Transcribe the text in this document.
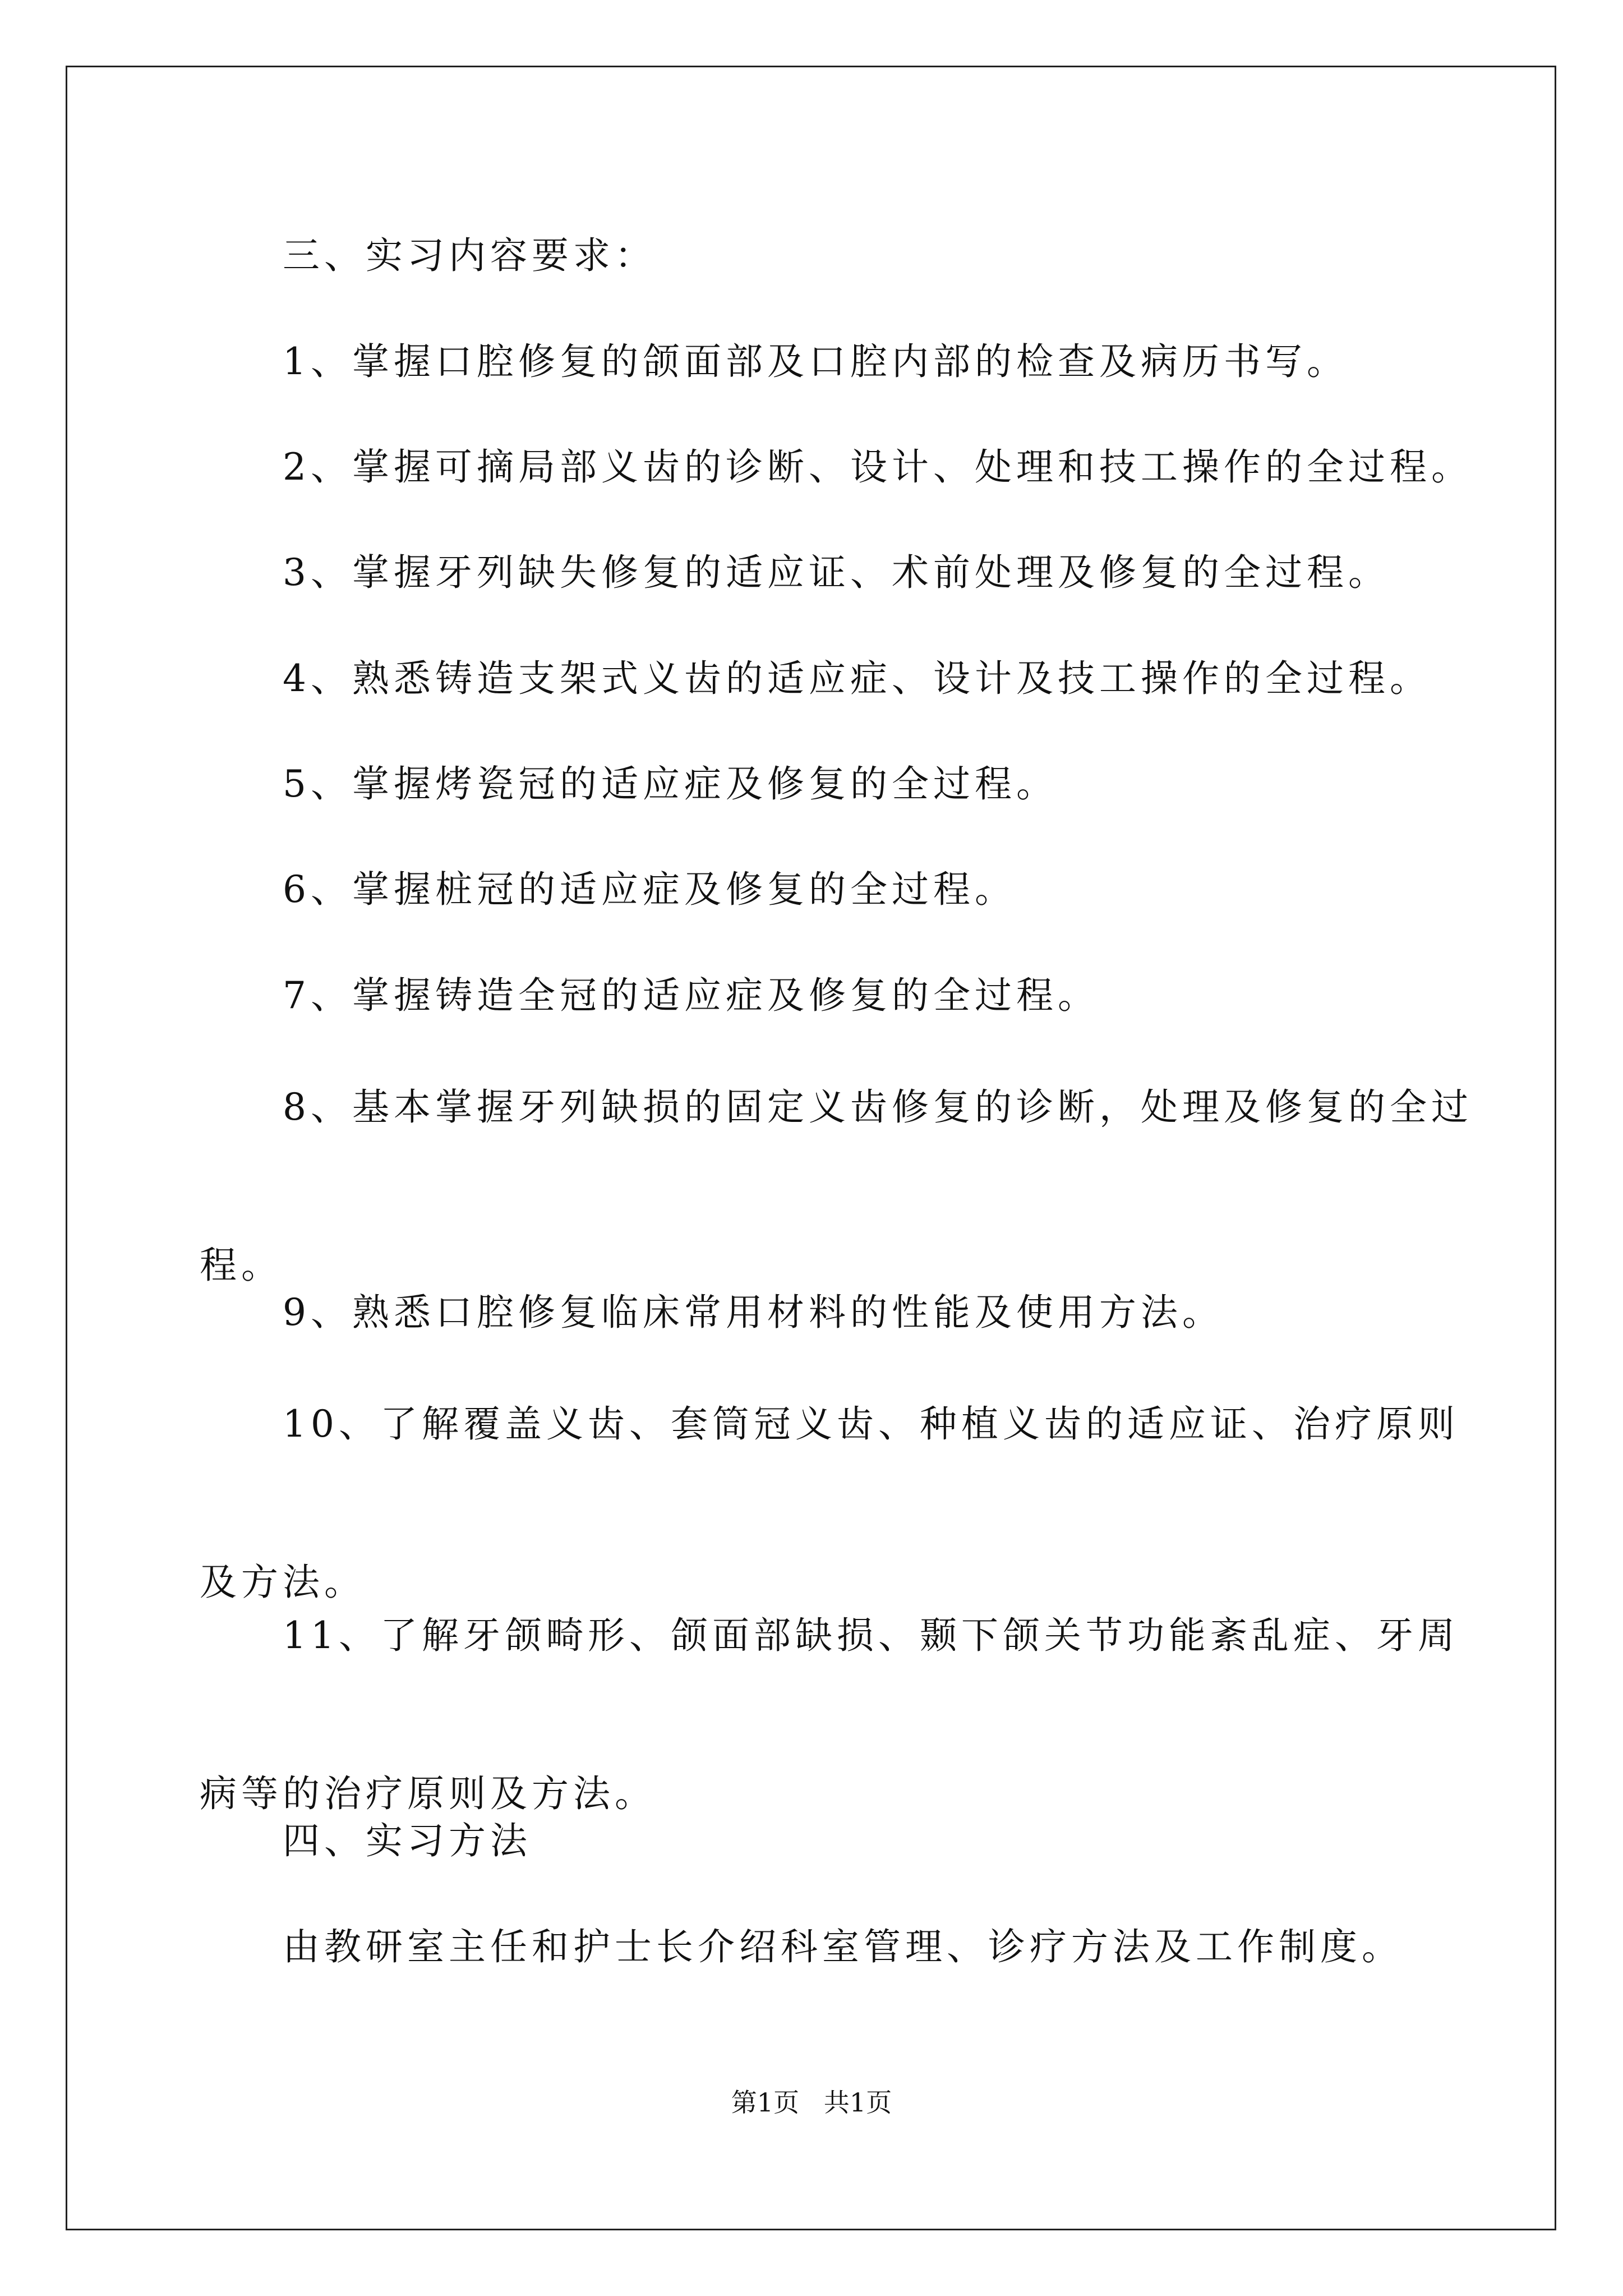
三、实习内容要求：
1、掌握口腔修复的颌面部及口腔内部的检查及病历书写。
2、掌握可摘局部义齿的诊断、设计、处理和技工操作的全过程。
3、掌握牙列缺失修复的适应证、术前处理及修复的全过程。
4、熟悉铸造支架式义齿的适应症、设计及技工操作的全过程。
5、掌握烤瓷冠的适应症及修复的全过程。
6、掌握桩冠的适应症及修复的全过程。
7、掌握铸造全冠的适应症及修复的全过程。
8、基本掌握牙列缺损的固定义齿修复的诊断，处理及修复的全过程。
9、熟悉口腔修复临床常用材料的性能及使用方法。
10、了解覆盖义齿、套筒冠义齿、种植义齿的适应证、治疗原则及方法。
11、了解牙颌畸形、颌面部缺损、颞下颌关节功能紊乱症、牙周病等的治疗原则及方法。
四、实习方法
由教研室主任和护士长介绍科室管理、诊疗方法及工作制度。
第1页   共1页
